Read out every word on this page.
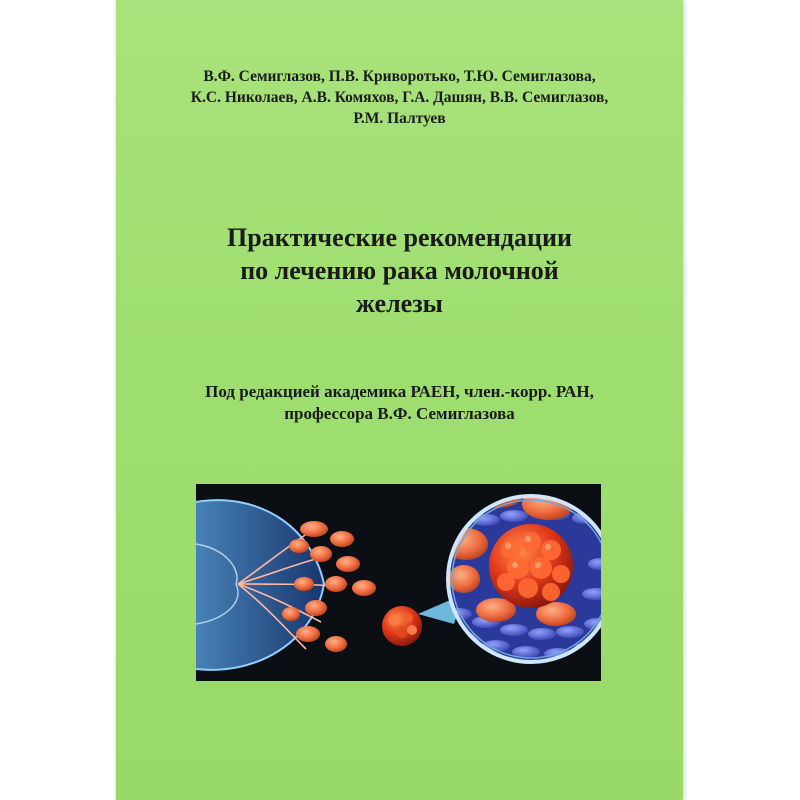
В.Ф. Семиглазов, П.В. Криворотько, Т.Ю. Семиглазова,
К.С. Николаев, А.В. Комяхов, Г.А. Дашян, В.В. Семиглазов,
Р.М. Палтуев
Практические рекомендации
по лечению рака молочной
железы
Под редакцией академика РАЕН, член.-корр. РАН,
профессора В.Ф. Семиглазова
